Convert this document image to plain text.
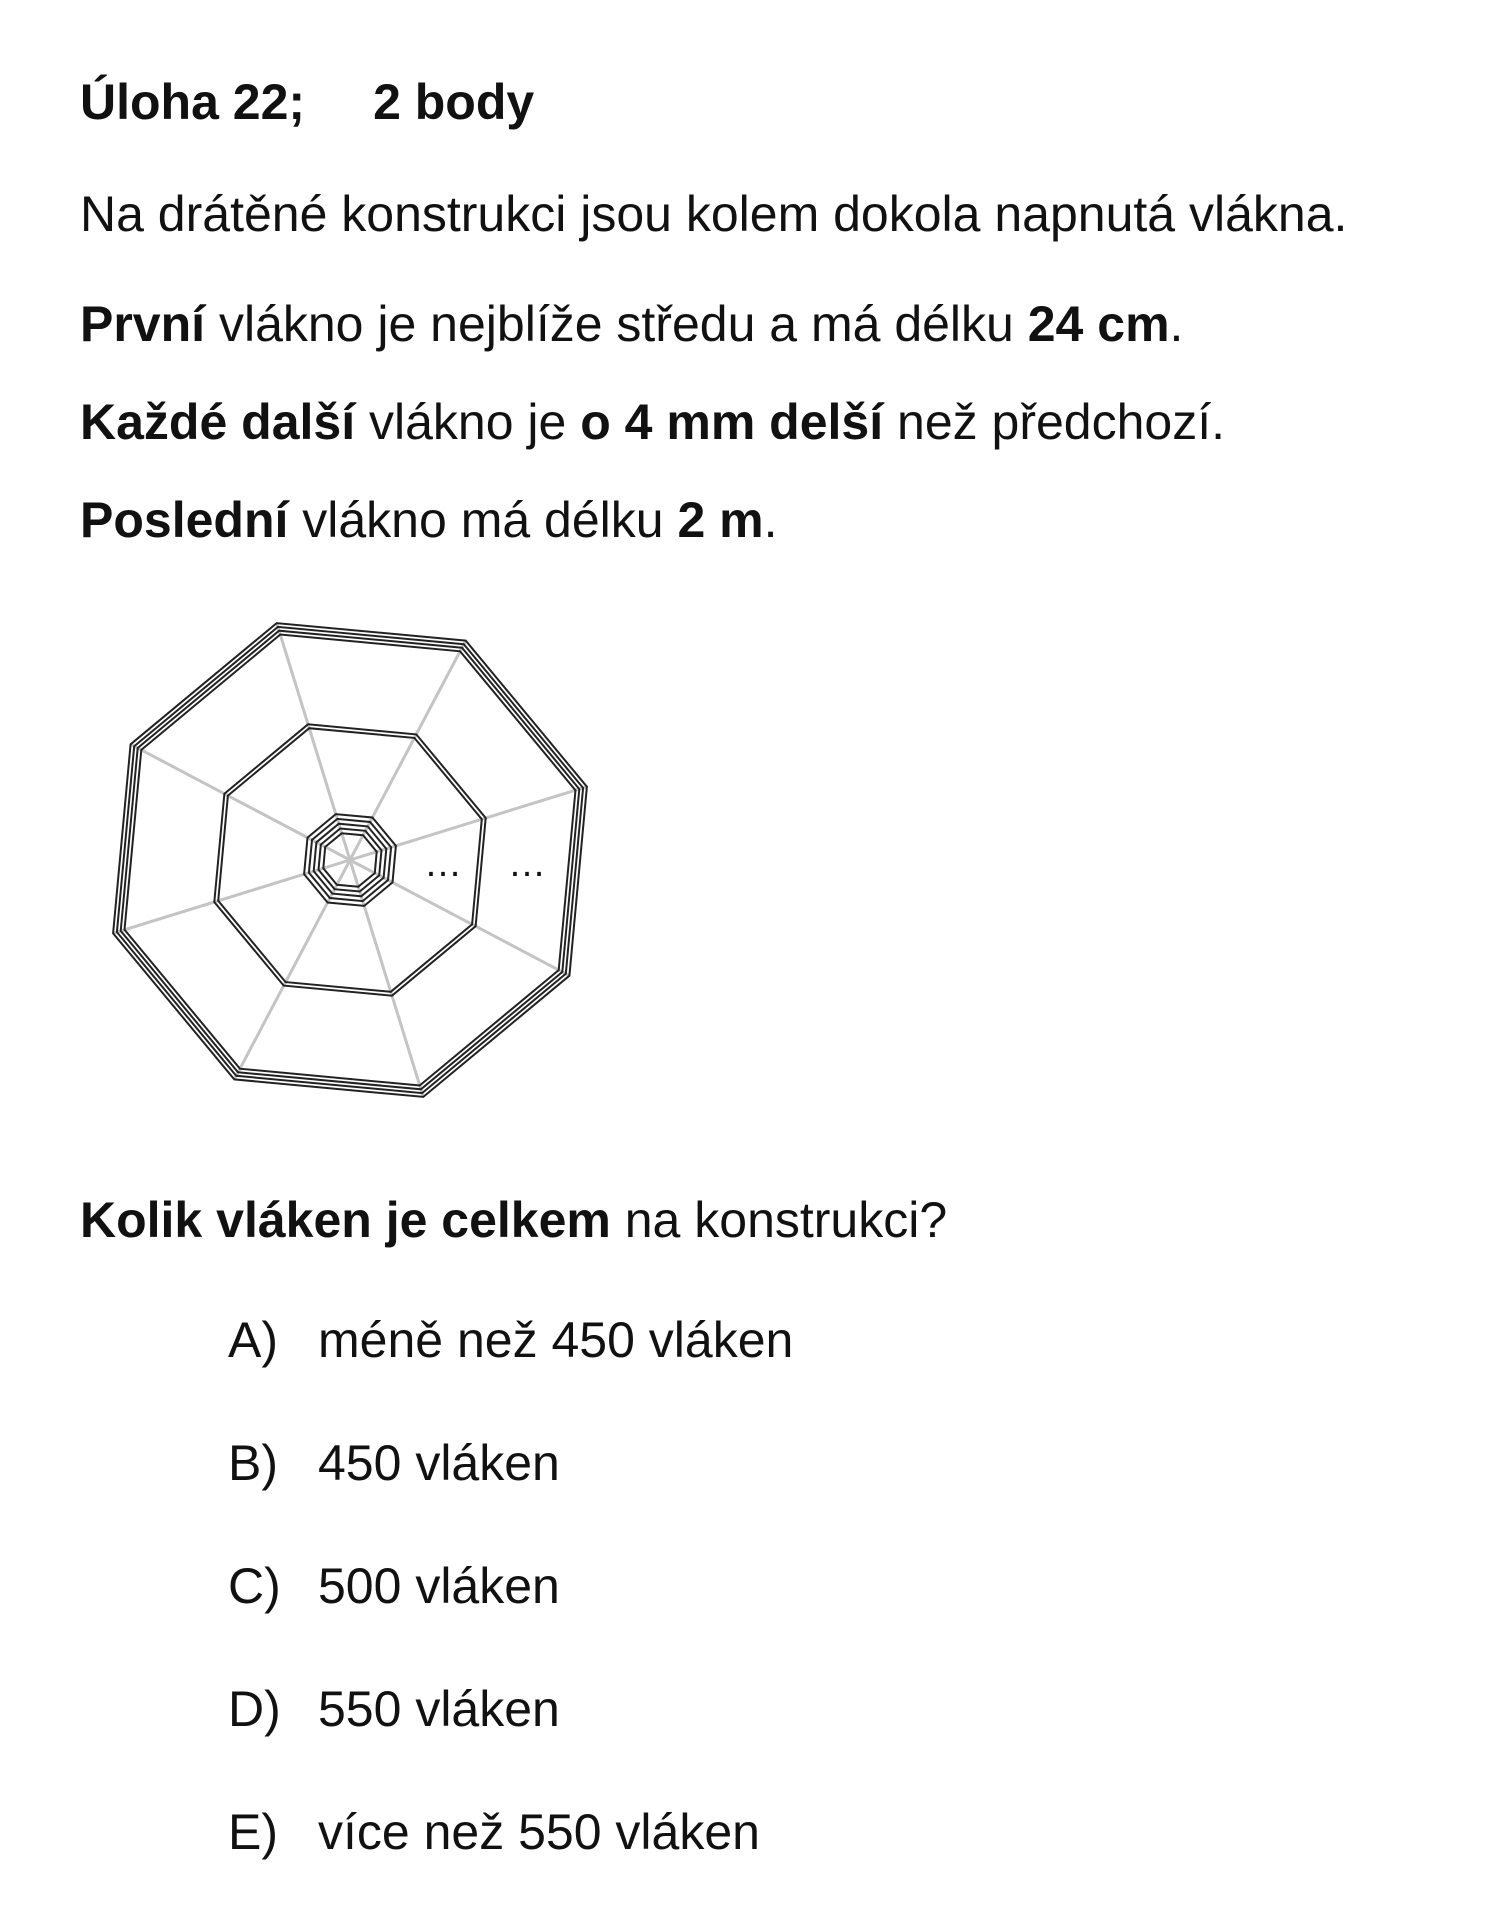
Úloha 22; 2 body
Na drátěné konstrukci jsou kolem dokola napnutá vlákna.
První vlákno je nejblíže středu a má délku 24 cm.
Každé další vlákno je o 4 mm delší než předchozí.
Poslední vlákno má délku 2 m.
… …
Kolik vláken je celkem na konstrukci?
A) méně než 450 vláken
B) 450 vláken
C) 500 vláken
D) 550 vláken
E) více než 550 vláken
